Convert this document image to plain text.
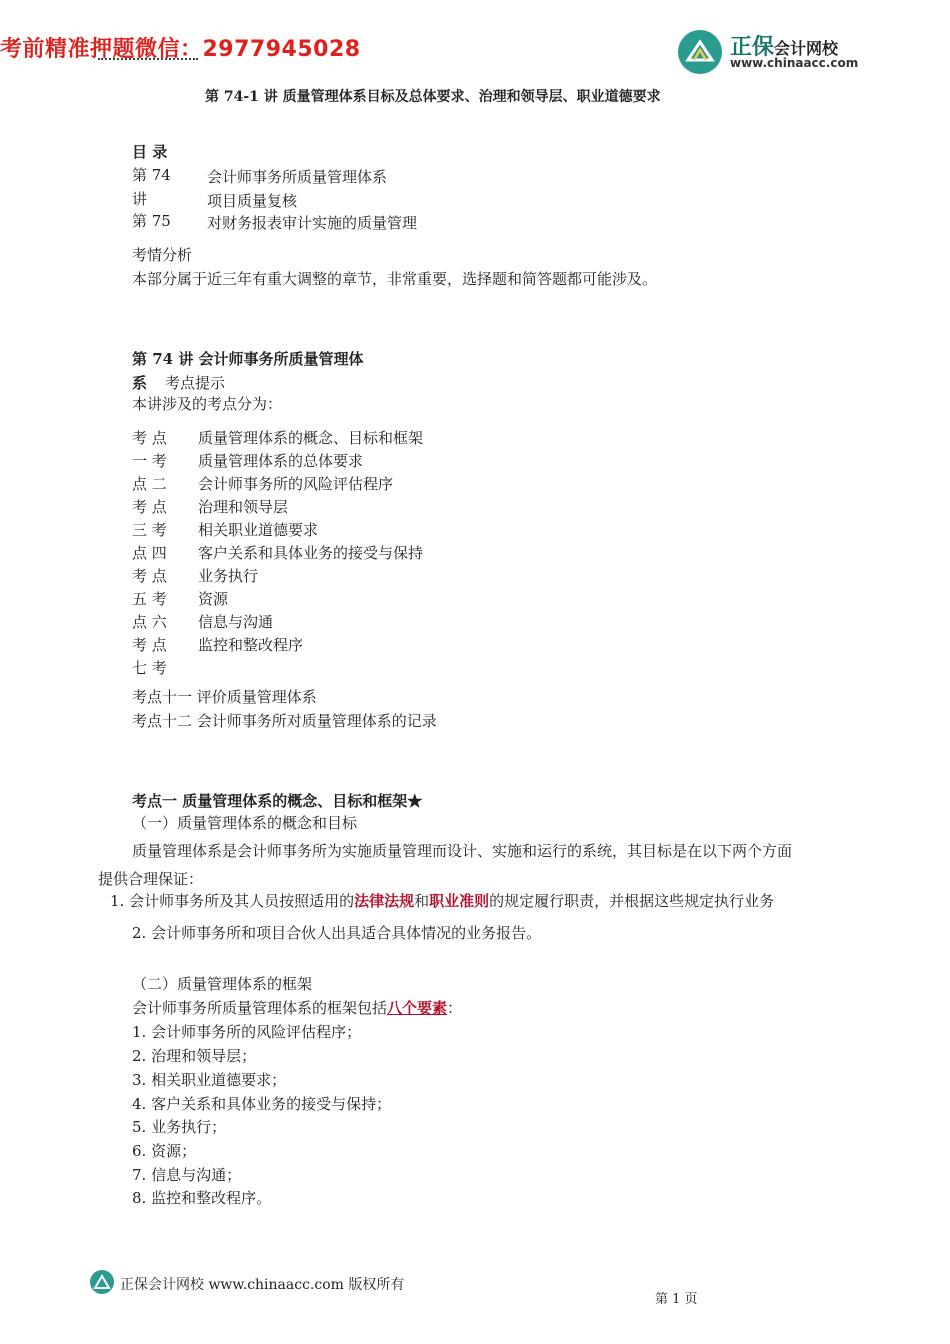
考前精准押题微信：2977945028	正保会计网校
www.chinaacc.com
第 74-1 讲 质量管理体系目标及总体要求、治理和领导层、职业道德要求
目 录
第 74 会计师事务所质量管理体系
讲	项目质量复核
第 75 对财务报表审计实施的质量管理
考情分析
本部分属于近三年有重大调整的章节，非常重要，选择题和简答题都可能涉及。
第 74 讲 会计师事务所质量管理体
系 考点提示
本讲涉及的考点分为：
考 点
一 考
点 二
考 点
三 考
点 四
考 点
五 考
点 六
考 点
七 考
质量管理体系的概念、目标和框架
质量管理体系的总体要求
会计师事务所的风险评估程序
治理和领导层
相关职业道德要求
客户关系和具体业务的接受与保持
业务执行
资源
信息与沟通
监控和整改程序
考点十一 评价质量管理体系
考点十二 会计师事务所对质量管理体系的记录
考点一 质量管理体系的概念、目标和框架★
（一）质量管理体系的概念和目标
质量管理体系是会计师事务所为实施质量管理而设计、实施和运行的系统，其目标是在以下两个方面
提供合理保证：
1. 会计师事务所及其人员按照适用的法律法规和职业准则的规定履行职责，并根据这些规定执行业务
2. 会计师事务所和项目合伙人出具适合具体情况的业务报告。
（二）质量管理体系的框架
会计师事务所质量管理体系的框架包括八个要素：
1. 会计师事务所的风险评估程序；
2. 治理和领导层；
3. 相关职业道德要求；
4. 客户关系和具体业务的接受与保持；
5. 业务执行；
6. 资源；
7. 信息与沟通；
8. 监控和整改程序。
正保会计网校 www.chinaacc.com 版权所有
第 1 页
